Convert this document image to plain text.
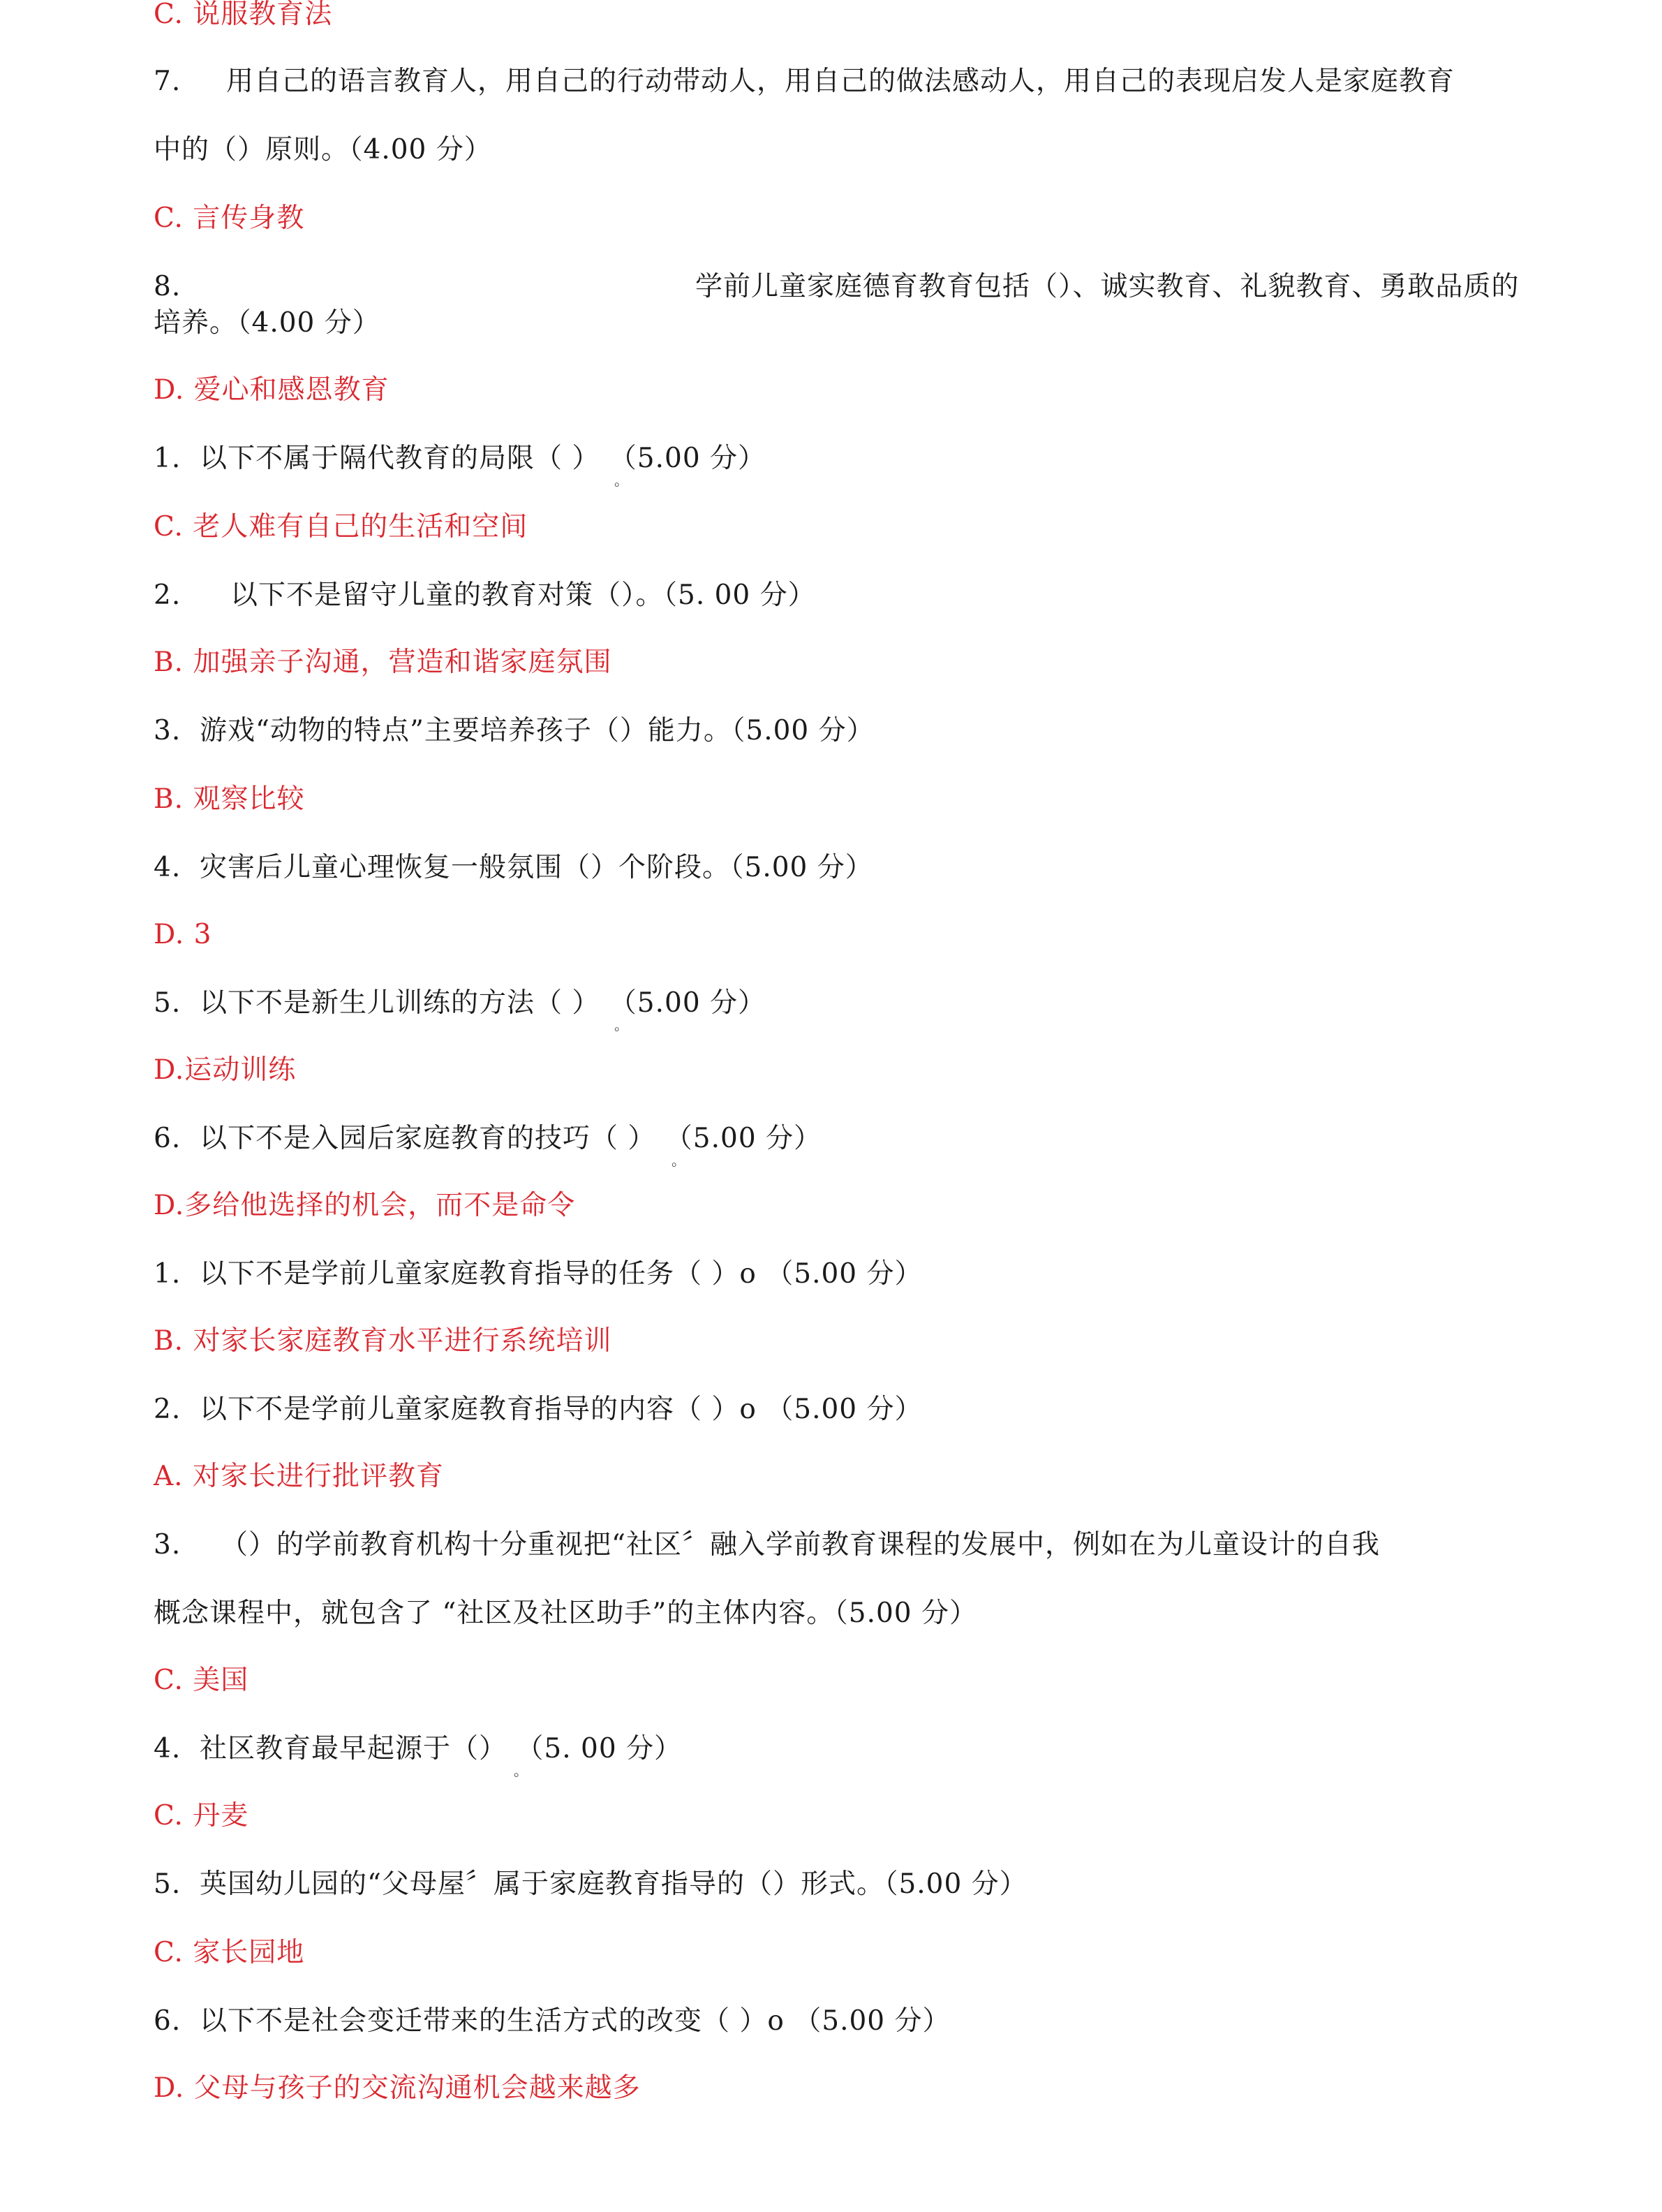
C. 说服教育法
7. 用自己的语言教育人，用自己的行动带动人，用自己的做法感动人，用自己的表现启发人是家庭教育
中的（）原则。（4.00 分）
C. 言传身教
8.	学前儿童家庭德育教育包括（）、诚实教育、礼貌教育、勇敢品质的
培养。（4.00 分）
D. 爱心和感恩教育
1. 以下不属于隔代教育的局限（ ） （5.00 分）
。
C. 老人难有自己的生活和空间
2. 以下不是留守儿童的教育对策（）。（5. 00 分）
B. 加强亲子沟通，营造和谐家庭氛围
3. 游戏“动物的特点”主要培养孩子（）能力。（5.00 分）
B. 观察比较
4. 灾害后儿童心理恢复一般氛围（）个阶段。（5.00 分）
D. 3
5. 以下不是新生儿训练的方法（ ） （5.00 分）
。
D.运动训练
6. 以下不是入园后家庭教育的技巧（ ） （5.00 分）
。
D.多给他选择的机会，而不是命令
1. 以下不是学前儿童家庭教育指导的任务（ ）o （5.00 分）
B. 对家长家庭教育水平进行系统培训
2. 以下不是学前儿童家庭教育指导的内容（ ）o （5.00 分）
A. 对家长进行批评教育
3. （）的学前教育机构十分重视把“社区〞融入学前教育课程的发展中，例如在为儿童设计的自我
概念课程中，就包含了 “社区及社区助手”的主体内容。（5.00 分）
C. 美国
4. 社区教育最早起源于（） （5. 00 分）
。
C. 丹麦
5. 英国幼儿园的“父母屋〞属于家庭教育指导的（）形式。（5.00 分）
C. 家长园地
6. 以下不是社会变迁带来的生活方式的改变（ ）o （5.00 分）
D. 父母与孩子的交流沟通机会越来越多
